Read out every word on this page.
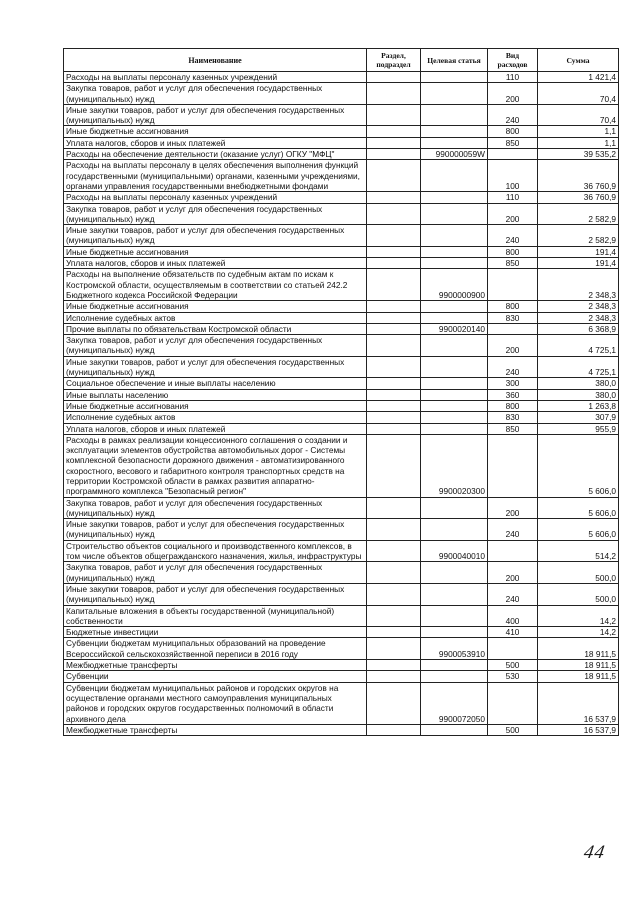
Наименование	Раздел, подраздел	Целевая статья	Вид расходов	Сумма
Расходы на выплаты персоналу казенных учреждений			110	1 421,4
Закупка товаров, работ и услуг для обеспечения государственных (муниципальных) нужд			200	70,4
Иные закупки товаров, работ и услуг для обеспечения государственных (муниципальных) нужд			240	70,4
Иные бюджетные ассигнования			800	1,1
Уплата налогов, сборов и иных платежей			850	1,1
Расходы на обеспечение деятельности (оказание услуг) ОГКУ "МФЦ"		990000059W		39 535,2
Расходы на выплаты персоналу в целях обеспечения выполнения функций государственными (муниципальными) органами, казенными учреждениями, органами управления государственными внебюджетными фондами			100	36 760,9
Расходы на выплаты персоналу казенных учреждений			110	36 760,9
Закупка товаров, работ и услуг для обеспечения государственных (муниципальных) нужд			200	2 582,9
Иные закупки товаров, работ и услуг для обеспечения государственных (муниципальных) нужд			240	2 582,9
Иные бюджетные ассигнования			800	191,4
Уплата налогов, сборов и иных платежей			850	191,4
Расходы на выполнение обязательств по судебным актам по искам к Костромской области, осуществляемым в соответствии со статьей 242.2 Бюджетного кодекса Российской Федерации		9900000900		2 348,3
Иные бюджетные ассигнования			800	2 348,3
Исполнение судебных актов			830	2 348,3
Прочие выплаты по обязательствам Костромской области		9900020140		6 368,9
Закупка товаров, работ и услуг для обеспечения государственных (муниципальных) нужд			200	4 725,1
Иные закупки товаров, работ и услуг для обеспечения государственных (муниципальных) нужд			240	4 725,1
Социальное обеспечение и иные выплаты населению			300	380,0
Иные выплаты населению			360	380,0
Иные бюджетные ассигнования			800	1 263,8
Исполнение судебных актов			830	307,9
Уплата налогов, сборов и иных платежей			850	955,9
Расходы в рамках реализации концессионного соглашения о создании и эксплуатации элементов обустройства автомобильных дорог - Системы комплексной безопасности дорожного движения - автоматизированного скоростного, весового и габаритного контроля транспортных средств на территории Костромской области в рамках развития аппаратно-программного комплекса "Безопасный регион"		9900020300		5 606,0
Закупка товаров, работ и услуг для обеспечения государственных (муниципальных) нужд			200	5 606,0
Иные закупки товаров, работ и услуг для обеспечения государственных (муниципальных) нужд			240	5 606,0
Строительство объектов социального и производственного комплексов, в том числе объектов общегражданского назначения, жилья, инфраструктуры		9900040010		514,2
Закупка товаров, работ и услуг для обеспечения государственных (муниципальных) нужд			200	500,0
Иные закупки товаров, работ и услуг для обеспечения государственных (муниципальных) нужд			240	500,0
Капитальные вложения в объекты государственной (муниципальной) собственности			400	14,2
Бюджетные инвестиции			410	14,2
Субвенции бюджетам муниципальных образований на проведение Всероссийской сельскохозяйственной переписи в 2016 году		9900053910		18 911,5
Межбюджетные трансферты			500	18 911,5
Субвенции			530	18 911,5
Субвенции бюджетам муниципальных районов и городских округов на осуществление органами местного самоуправления муниципальных районов и городских округов государственных полномочий в области архивного дела		9900072050		16 537,9
Межбюджетные трансферты			500	16 537,9
44
